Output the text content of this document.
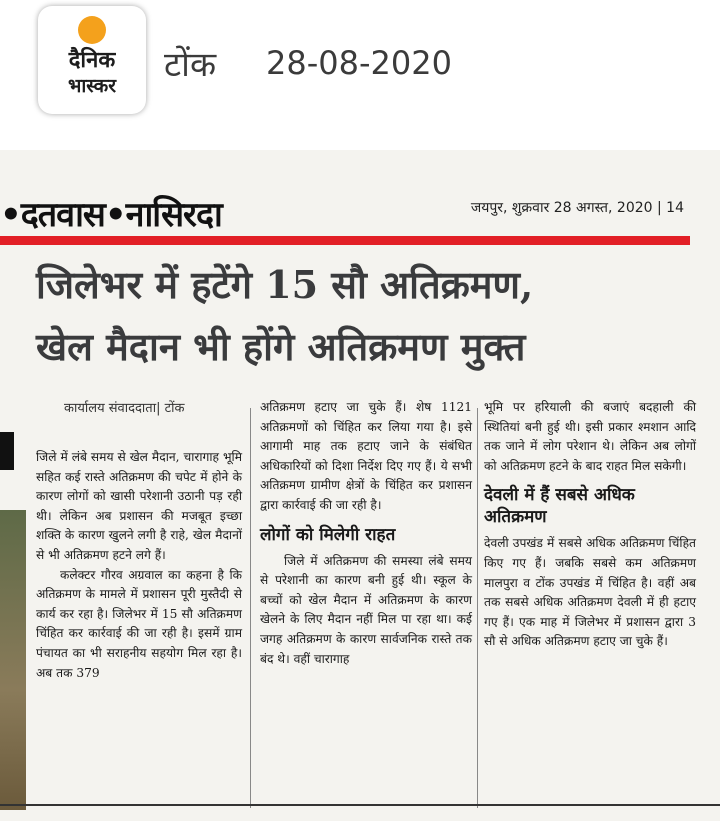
दैनिक
भास्कर
टोंक 28-08-2020
•दतवास•नासिरदा	जयपुर, शुक्रवार 28 अगस्त, 2020 | 14
जिलेभर में हटेंगे 15 सौ अतिक्रमण,
खेल मैदान भी होंगे अतिक्रमण मुक्त
कार्यालय संवाददाता| टोंक

जिले में लंबे समय से खेल मैदान, चारागाह भूमि सहित कई रास्ते अतिक्रमण की चपेट में होने के कारण लोगों को खासी परेशानी उठानी पड़ रही थी। लेकिन अब प्रशासन की मजबूत इच्छा शक्ति के कारण खुलने लगी है राहे, खेल मैदानों से भी अतिक्रमण हटने लगे हैं।

कलेक्टर गौरव अग्रवाल का कहना है कि अतिक्रमण के मामले में प्रशासन पूरी मुस्तैदी से कार्य कर रहा है। जिलेभर में 15 सौ अतिक्रमण चिंहित कर कार्रवाई की जा रही है। इसमें ग्राम पंचायत का भी सराहनीय सहयोग मिल रहा है। अब तक 379

अतिक्रमण हटाए जा चुके हैं। शेष 1121 अतिक्रमणों को चिंहित कर लिया गया है। इसे आगामी माह तक हटाए जाने के संबंधित अधिकारियों को दिशा निर्देश दिए गए हैं। ये सभी अतिक्रमण ग्रामीण क्षेत्रों के चिंहित कर प्रशासन द्वारा कार्रवाई की जा रही है।

लोगों को मिलेगी राहत

जिले में अतिक्रमण की समस्या लंबे समय से परेशानी का कारण बनी हुई थी। स्कूल के बच्चों को खेल मैदान में अतिक्रमण के कारण खेलने के लिए मैदान नहीं मिल पा रहा था। कई जगह अतिक्रमण के कारण सार्वजनिक रास्ते तक बंद थे। वहीं चारागाह

भूमि पर हरियाली की बजाएं बदहाली की स्थितियां बनी हुई थी। इसी प्रकार श्मशान आदि तक जाने में लोग परेशान थे। लेकिन अब लोगों को अतिक्रमण हटने के बाद राहत मिल सकेगी।

देवली में हैं सबसे अधिक अतिक्रमण

देवली उपखंड में सबसे अधिक अतिक्रमण चिंहित किए गए हैं। जबकि सबसे कम अतिक्रमण मालपुरा व टोंक उपखंड में चिंहित है। वहीं अब तक सबसे अधिक अतिक्रमण देवली में ही हटाए गए हैं। एक माह में जिलेभर में प्रशासन द्वारा 3 सौ से अधिक अतिक्रमण हटाए जा चुके हैं।
